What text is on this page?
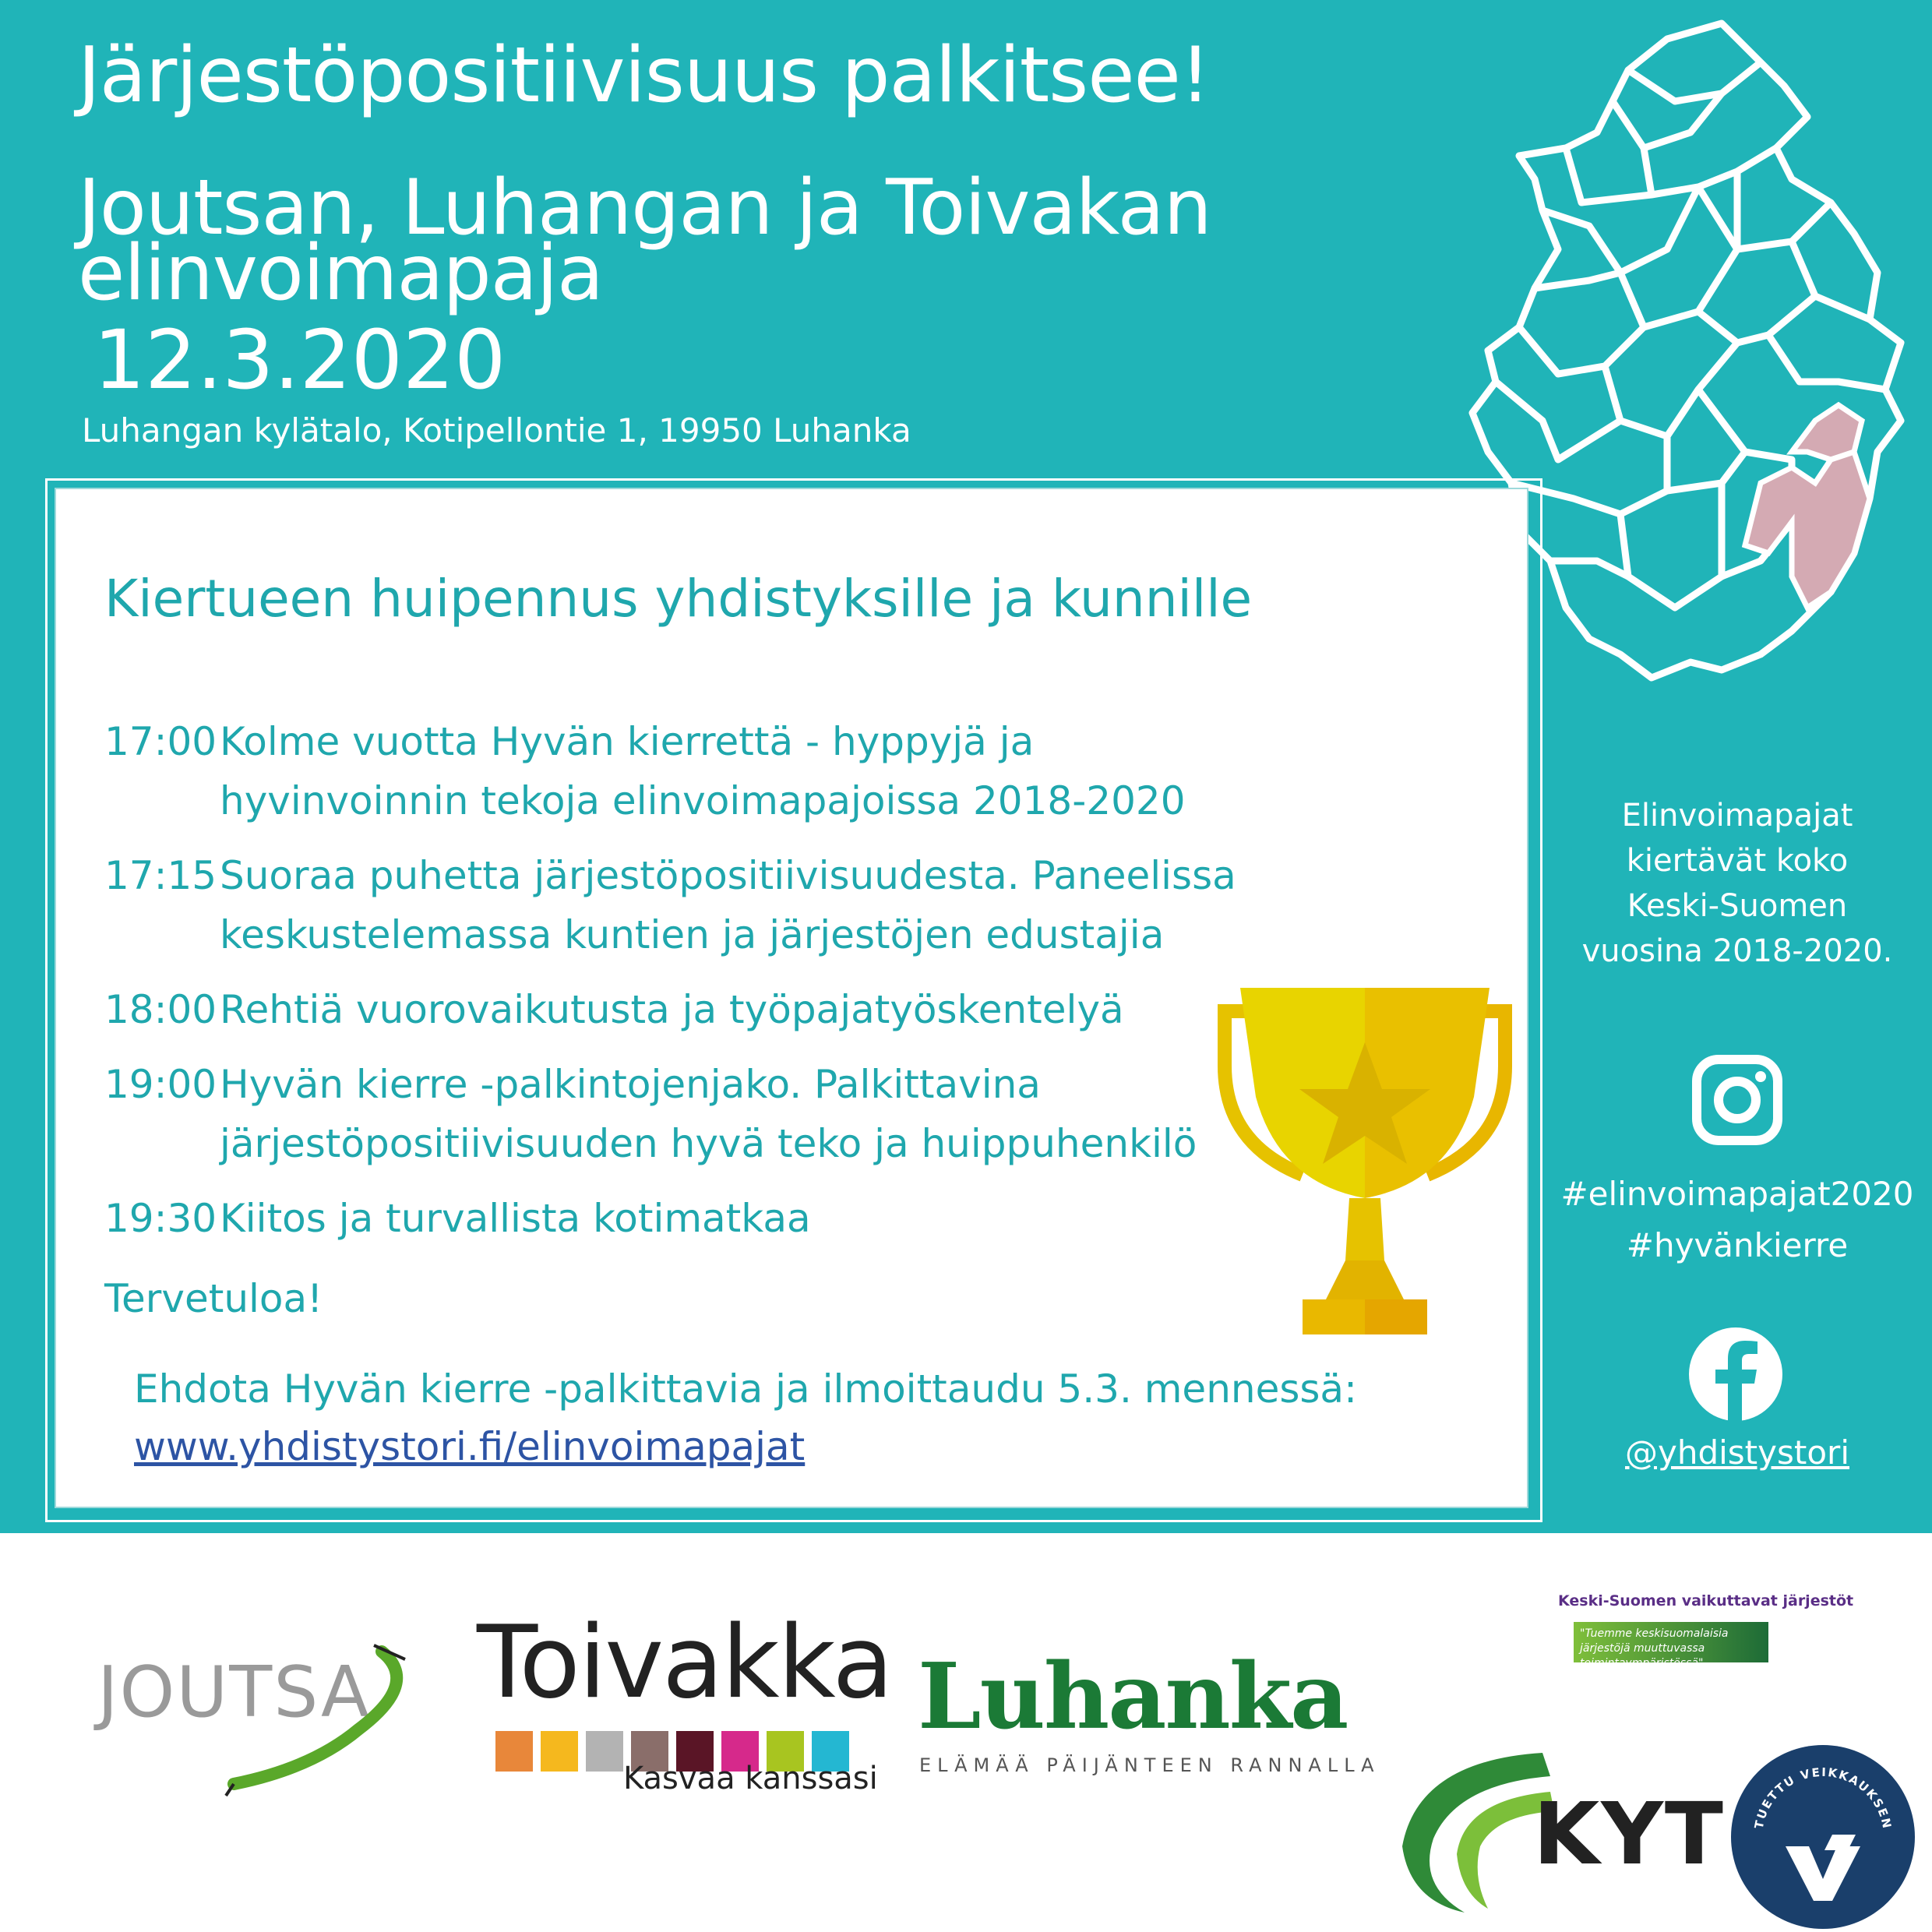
Järjestöpositiivisuus palkitsee!
Joutsan, Luhangan ja Toivakan
elinvoimapaja
12.3.2020
Luhangan kylätalo, Kotipellontie 1, 19950 Luhanka
Kiertueen huipennus yhdistyksille ja kunnille
17:00 Kolme vuotta Hyvän kierrettä - hyppyjä ja hyvinvoinnin tekoja elinvoimapajoissa 2018-2020
17:15 Suoraa puhetta järjestöpositiivisuudesta. Paneelissa keskustelemassa kuntien ja järjestöjen edustajia
18:00 Rehtiä vuorovaikutusta ja työpajatyöskentelyä
19:00 Hyvän kierre -palkintojenjako. Palkittavina järjestöpositiivisuuden hyvä teko ja huippuhenkilö
19:30 Kiitos ja turvallista kotimatkaa
Tervetuloa!
Ehdota Hyvän kierre -palkittavia ja ilmoittaudu 5.3. mennessä:
www.yhdistystori.fi/elinvoimapajat
Elinvoimapajat
kiertävät koko
Keski-Suomen
vuosina 2018-2020.
#elinvoimapajat2020
#hyvänkierre
@yhdistystori
JOUTSA Toivakka
Kasvaa kanssasi
Luhanka
ELÄMÄÄ PÄIJÄNTEEN RANNALLA
Keski-Suomen vaikuttavat järjestöt
"Tuemme keskisuomalaisia järjestöjä muuttuvassa toimintaympäristössä"
KYT	TUETTU VEIKKAUKSEN
